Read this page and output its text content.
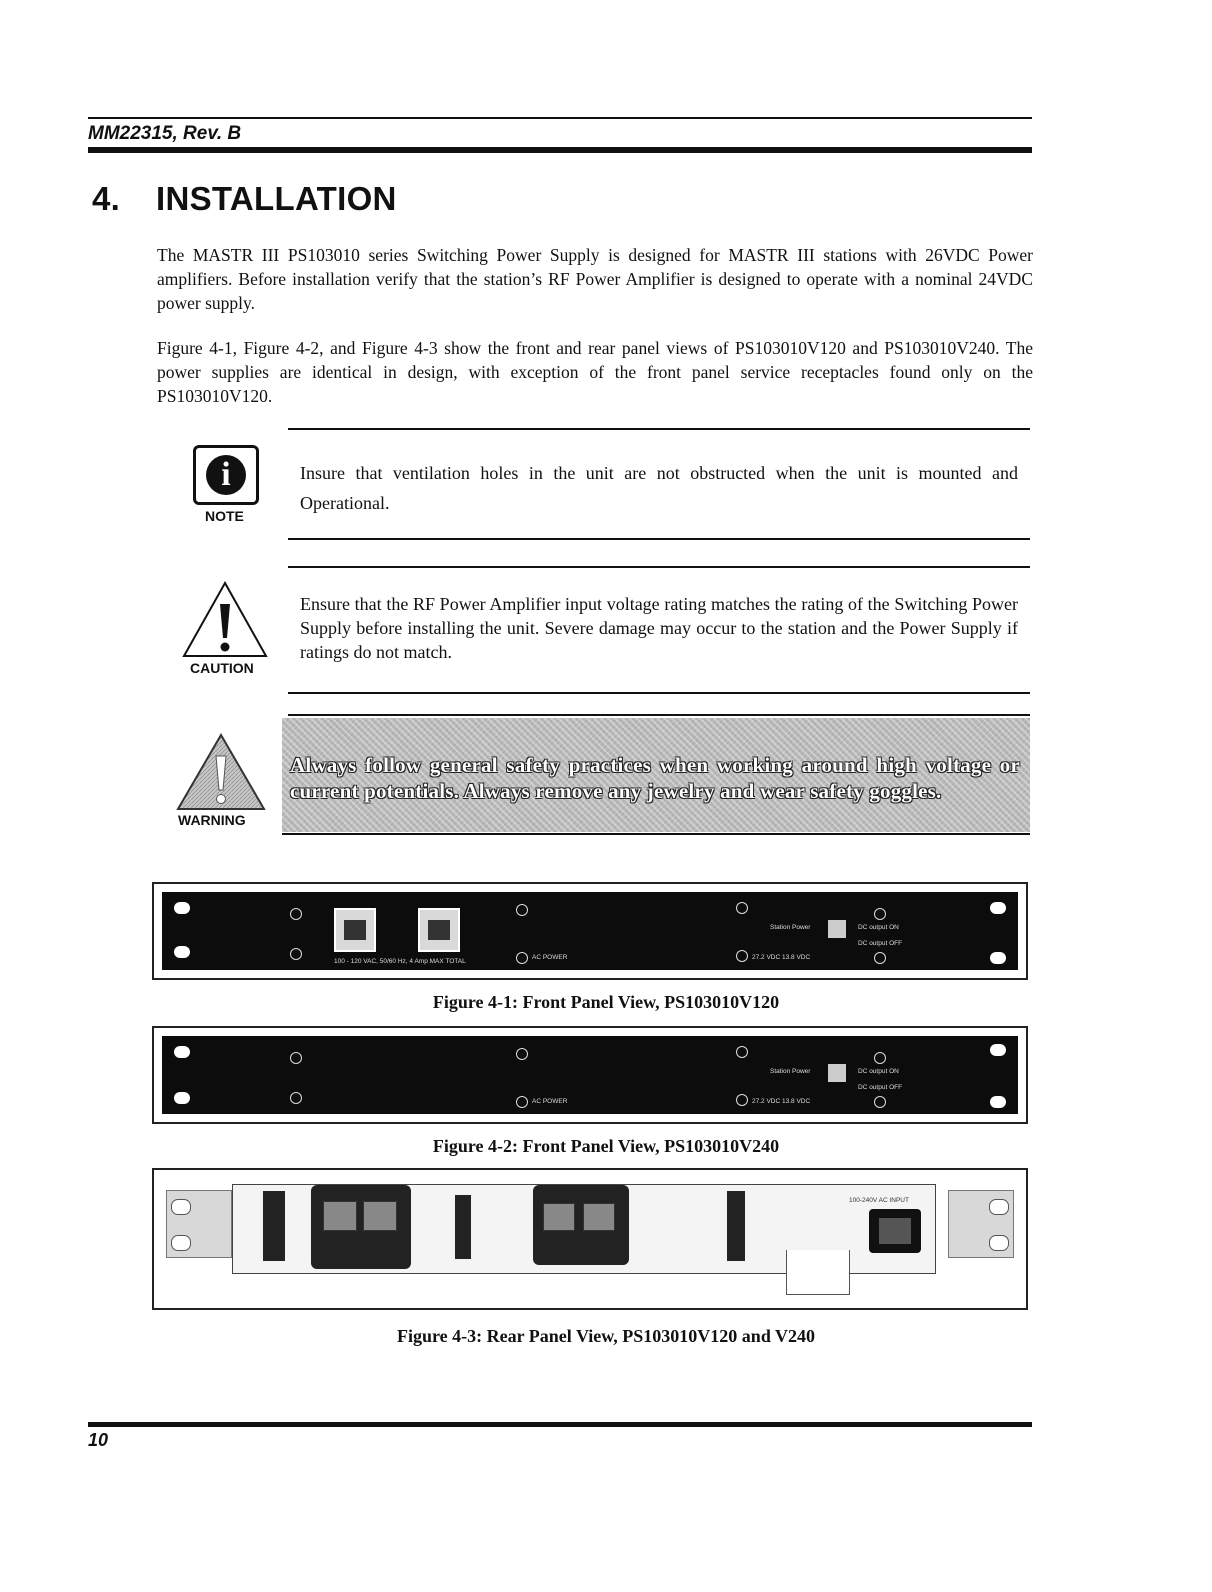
MM22315, Rev. B
4. INSTALLATION

The MASTR III PS103010 series Switching Power Supply is designed for MASTR III stations with 26VDC Power amplifiers. Before installation verify that the station’s RF Power Amplifier is designed to operate with a nominal 24VDC power supply.

Figure 4-1, Figure 4-2, and Figure 4-3 show the front and rear panel views of PS103010V120 and PS103010V240. The power supplies are identical in design, with exception of the front panel service receptacles found only on the PS103010V120.

i
NOTE

Insure that ventilation holes in the unit are not obstructed when the unit is mounted and Operational.

CAUTION

Ensure that the RF Power Amplifier input voltage rating matches the rating of the Switching Power Supply before installing the unit. Severe damage may occur to the station and the Power Supply if ratings do not match.

WARNING

Always follow general safety practices when working around high voltage or current potentials. Always remove any jewelry and wear safety goggles.

100 - 120 VAC, 50/60 Hz, 4 Amp MAX TOTAL
AC POWER	27.2 VDC 13.8 VDC
Station Power	DC output ON
DC output OFF
Figure 4-1: Front Panel View, PS103010V120
AC POWER	27.2 VDC 13.8 VDC
Station Power	DC output ON
DC output OFF
Figure 4-2: Front Panel View, PS103010V240
100-240V AC INPUT
Figure 4-3: Rear Panel View, PS103010V120 and V240
10
